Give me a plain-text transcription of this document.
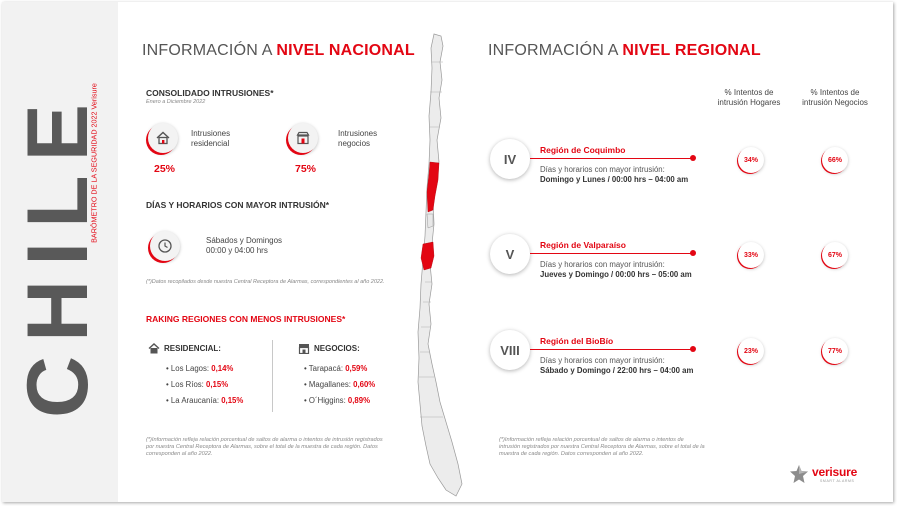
CHILE
BARÓMETRO DE LA SEGURIDAD 2022 Verisure
INFORMACIÓN A NIVEL NACIONAL
CONSOLIDADO INTRUSIONES*
Enero a Diciembre 2022
Intrusiones
residencial
25%
Intrusiones
negocios
75%
DÍAS Y HORARIOS CON MAYOR INTRUSIÓN*
Sábados y Domingos
00:00 y 04:00 hrs
(*)Datos recopilados desde nuestra Central Receptora de Alarmas, correspondientes al año 2022.
RAKING REGIONES CON MENOS INTRUSIONES*
RESIDENCIAL:
• Los Lagos: 0,14%
• Los Ríos: 0,15%
• La Araucanía: 0,15%
NEGOCIOS:
• Tarapacá: 0,59%
• Magallanes: 0,60%
• O´Higgins: 0,89%
(*)Información refleja relación porcentual de saltos de alarma o intentos de intrusión registrados por nuestra Central Receptora de Alarmas, sobre el total de la muestra de cada región. Datos corresponden al año 2022.
INFORMACIÓN A NIVEL REGIONAL
% Intentos de
intrusión Hogares
% Intentos de
intrusión Negocios
IV
Región de Coquimbo
Días y horarios con mayor intrusión:
Domingo y Lunes / 00:00 hrs – 04:00 am
34%	66%
V
Región de Valparaíso
Días y horarios con mayor intrusión:
Jueves y Domingo / 00:00 hrs – 05:00 am
33%	67%
VIII
Región del BioBío
Días y horarios con mayor intrusión:
Sábado y Domingo / 22:00 hrs – 04:00 am
23%	77%
(*)Información refleja relación porcentual de saltos de alarma o intentos de intrusión registrados por nuestra Central Receptora de Alarmas, sobre el total de la muestra de cada región. Datos corresponden al año 2022.
verisure
SMART ALARMS
